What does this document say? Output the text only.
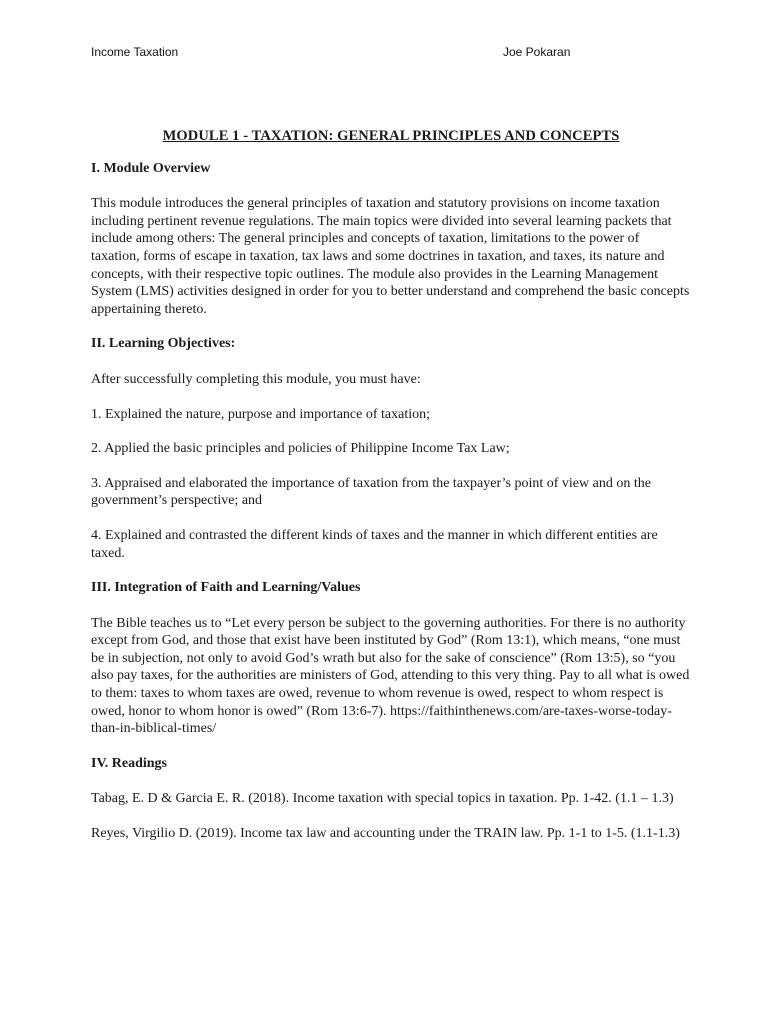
Income Taxation	Joe Pokaran

MODULE 1 - TAXATION: GENERAL PRINCIPLES AND CONCEPTS

I. Module Overview

This module introduces the general principles of taxation and statutory provisions on income taxation including pertinent revenue regulations. The main topics were divided into several learning packets that include among others: The general principles and concepts of taxation, limitations to the power of taxation, forms of escape in taxation, tax laws and some doctrines in taxation, and taxes, its nature and concepts, with their respective topic outlines. The module also provides in the Learning Management System (LMS) activities designed in order for you to better understand and comprehend the basic concepts appertaining thereto.

II. Learning Objectives:

After successfully completing this module, you must have:

1. Explained the nature, purpose and importance of taxation;

2. Applied the basic principles and policies of Philippine Income Tax Law;

3. Appraised and elaborated the importance of taxation from the taxpayer’s point of view and on the government’s perspective; and

4. Explained and contrasted the different kinds of taxes and the manner in which different entities are taxed.

III. Integration of Faith and Learning/Values

The Bible teaches us to “Let every person be subject to the governing authorities. For there is no authority except from God, and those that exist have been instituted by God” (Rom 13:1), which means, “one must be in subjection, not only to avoid God’s wrath but also for the sake of conscience” (Rom 13:5), so “you also pay taxes, for the authorities are ministers of God, attending to this very thing. Pay to all what is owed to them: taxes to whom taxes are owed, revenue to whom revenue is owed, respect to whom respect is owed, honor to whom honor is owed” (Rom 13:6-7). https://faithinthenews.com/are-taxes-worse-today-than-in-biblical-times/

IV. Readings

Tabag, E. D & Garcia E. R. (2018). Income taxation with special topics in taxation. Pp. 1-42. (1.1 – 1.3)

Reyes, Virgilio D. (2019). Income tax law and accounting under the TRAIN law. Pp. 1-1 to 1-5. (1.1-1.3)
